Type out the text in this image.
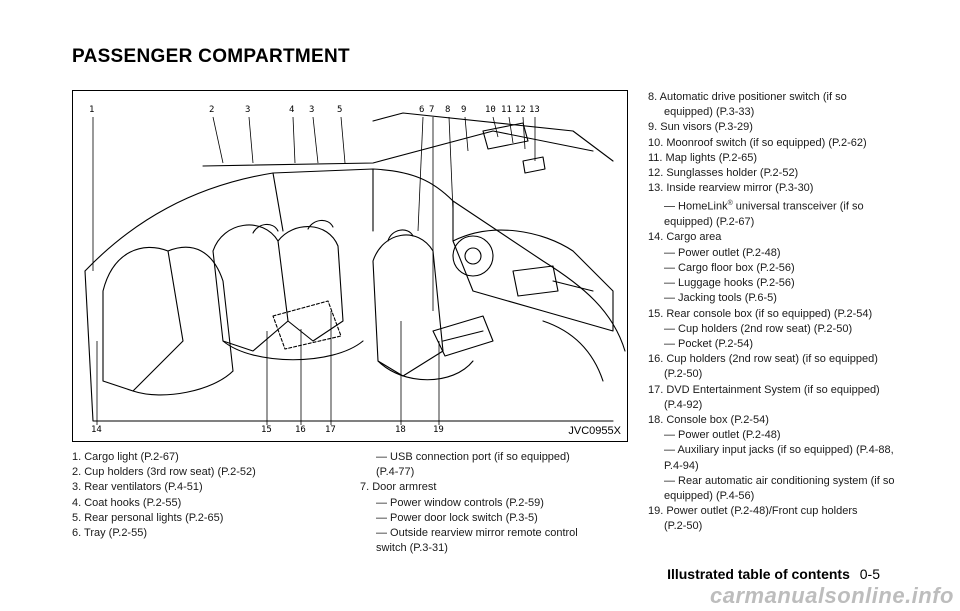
PASSENGER COMPARTMENT
1	2	3	4 3	5	6 7 8 9 10 11 12 13
14	15	16 17	18	19	JVC0955X
1. Cargo light (P.2-67)
2. Cup holders (3rd row seat) (P.2-52)
3. Rear ventilators (P.4-51)
4. Coat hooks (P.2-55)
5. Rear personal lights (P.2-65)
6. Tray (P.2-55)
— USB connection port (if so equipped)
(P.4-77)
7. Door armrest
— Power window controls (P.2-59)
— Power door lock switch (P.3-5)
— Outside rearview mirror remote control
switch (P.3-31)
8. Automatic drive positioner switch (if so
equipped) (P.3-33)
9. Sun visors (P.3-29)
10. Moonroof switch (if so equipped) (P.2-62)
11. Map lights (P.2-65)
12. Sunglasses holder (P.2-52)
13. Inside rearview mirror (P.3-30)
— HomeLink® universal transceiver (if so
equipped) (P.2-67)
14. Cargo area
— Power outlet (P.2-48)
— Cargo floor box (P.2-56)
— Luggage hooks (P.2-56)
— Jacking tools (P.6-5)
15. Rear console box (if so equipped) (P.2-54)
— Cup holders (2nd row seat) (P.2-50)
— Pocket (P.2-54)
16. Cup holders (2nd row seat) (if so equipped)
(P.2-50)
17. DVD Entertainment System (if so equipped)
(P.4-92)
18. Console box (P.2-54)
— Power outlet (P.2-48)
— Auxiliary input jacks (if so equipped) (P.4-88,
P.4-94)
— Rear automatic air conditioning system (if so
equipped) (P.4-56)
19. Power outlet (P.2-48)/Front cup holders
(P.2-50)
Illustrated table of contents 0-5
carmanualsonline.info
